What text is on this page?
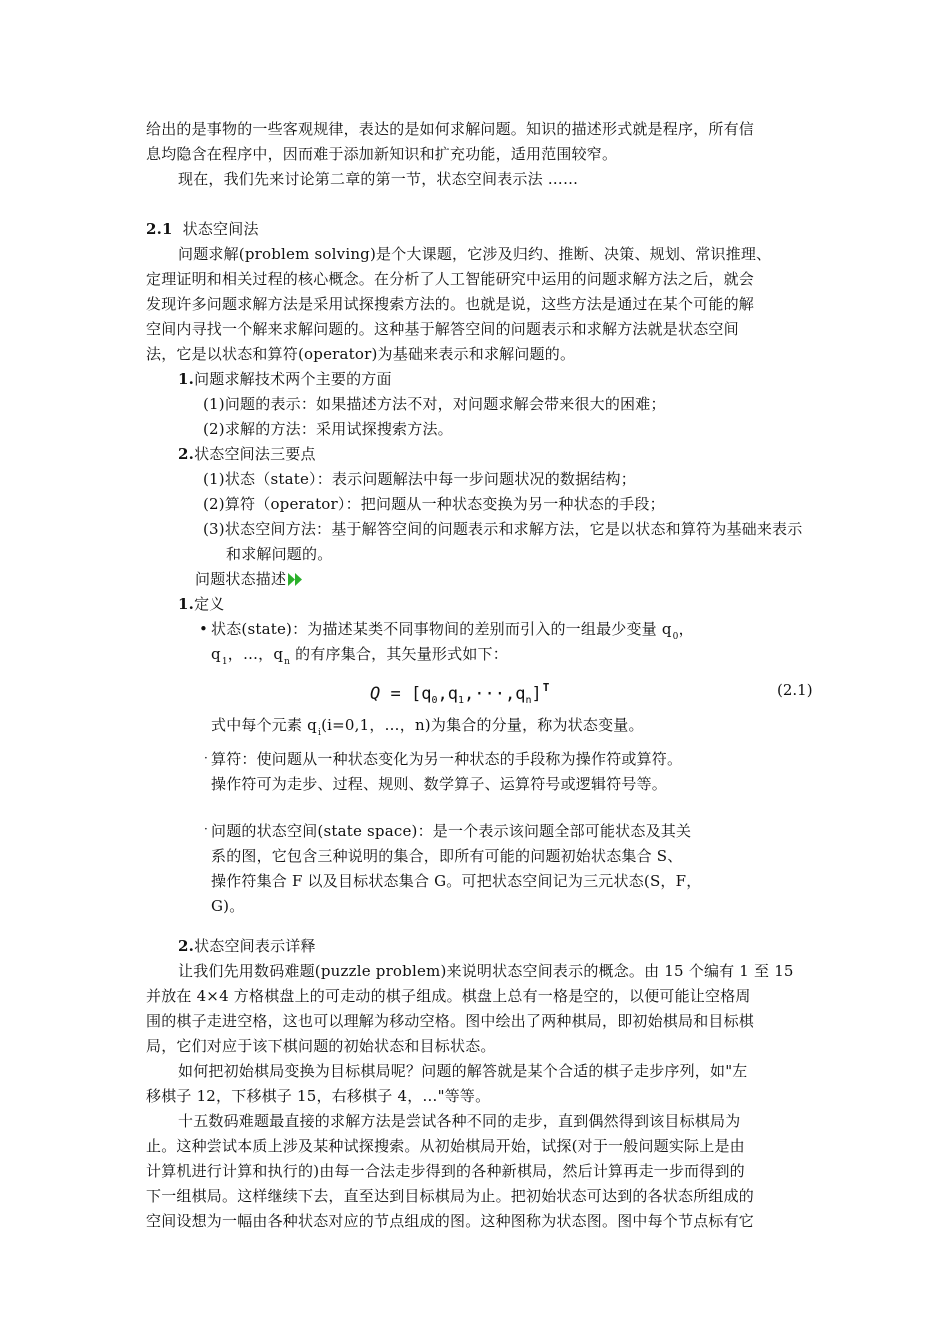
给出的是事物的一些客观规律，表达的是如何求解问题。知识的描述形式就是程序，所有信
息均隐含在程序中，因而难于添加新知识和扩充功能，适用范围较窄。
现在，我们先来讨论第二章的第一节，状态空间表示法 ……
2.1 状态空间法
问题求解(problem solving)是个大课题，它涉及归约、推断、决策、规划、常识推理、
定理证明和相关过程的核心概念。在分析了人工智能研究中运用的问题求解方法之后，就会
发现许多问题求解方法是采用试探搜索方法的。也就是说，这些方法是通过在某个可能的解
空间内寻找一个解来求解问题的。这种基于解答空间的问题表示和求解方法就是状态空间
法，它是以状态和算符(operator)为基础来表示和求解问题的。
1.问题求解技术两个主要的方面
(1)问题的表示：如果描述方法不对，对问题求解会带来很大的困难；
(2)求解的方法：采用试探搜索方法。
2.状态空间法三要点
(1)状态（state）：表示问题解法中每一步问题状况的数据结构；
(2)算符（operator）：把问题从一种状态变换为另一种状态的手段；
(3)状态空间方法：基于解答空间的问题表示和求解方法，它是以状态和算符为基础来表示
和求解问题的。
问题状态描述
1.定义
• 状态(state)：为描述某类不同事物间的差别而引入的一组最少变量 $q_0$，
$q_1$，…，$q_n$ 的有序集合，其矢量形式如下：
$Q = [q_0,q_1,\cdot\cdot\cdot,q_n]^T$	(2.1)
式中每个元素 $q_i(i=0,1$，…，n)为集合的分量，称为状态变量。
· 算符：使问题从一种状态变化为另一种状态的手段称为操作符或算符。
操作符可为走步、过程、规则、数学算子、运算符号或逻辑符号等。
· 问题的状态空间(state space)：是一个表示该问题全部可能状态及其关
系的图，它包含三种说明的集合，即所有可能的问题初始状态集合 S、
操作符集合 F 以及目标状态集合 G。可把状态空间记为三元状态(S，F，
G)。
2.状态空间表示详释
让我们先用数码难题(puzzle problem)来说明状态空间表示的概念。由 15 个编有 1 至 15
并放在 4×4 方格棋盘上的可走动的棋子组成。棋盘上总有一格是空的，以便可能让空格周
围的棋子走进空格，这也可以理解为移动空格。图中绘出了两种棋局，即初始棋局和目标棋
局，它们对应于该下棋问题的初始状态和目标状态。
如何把初始棋局变换为目标棋局呢？问题的解答就是某个合适的棋子走步序列，如"左
移棋子 12，下移棋子 15，右移棋子 4，…"等等。
十五数码难题最直接的求解方法是尝试各种不同的走步，直到偶然得到该目标棋局为
止。这种尝试本质上涉及某种试探搜索。从初始棋局开始，试探(对于一般问题实际上是由
计算机进行计算和执行的)由每一合法走步得到的各种新棋局，然后计算再走一步而得到的
下一组棋局。这样继续下去，直至达到目标棋局为止。把初始状态可达到的各状态所组成的
空间设想为一幅由各种状态对应的节点组成的图。这种图称为状态图。图中每个节点标有它
